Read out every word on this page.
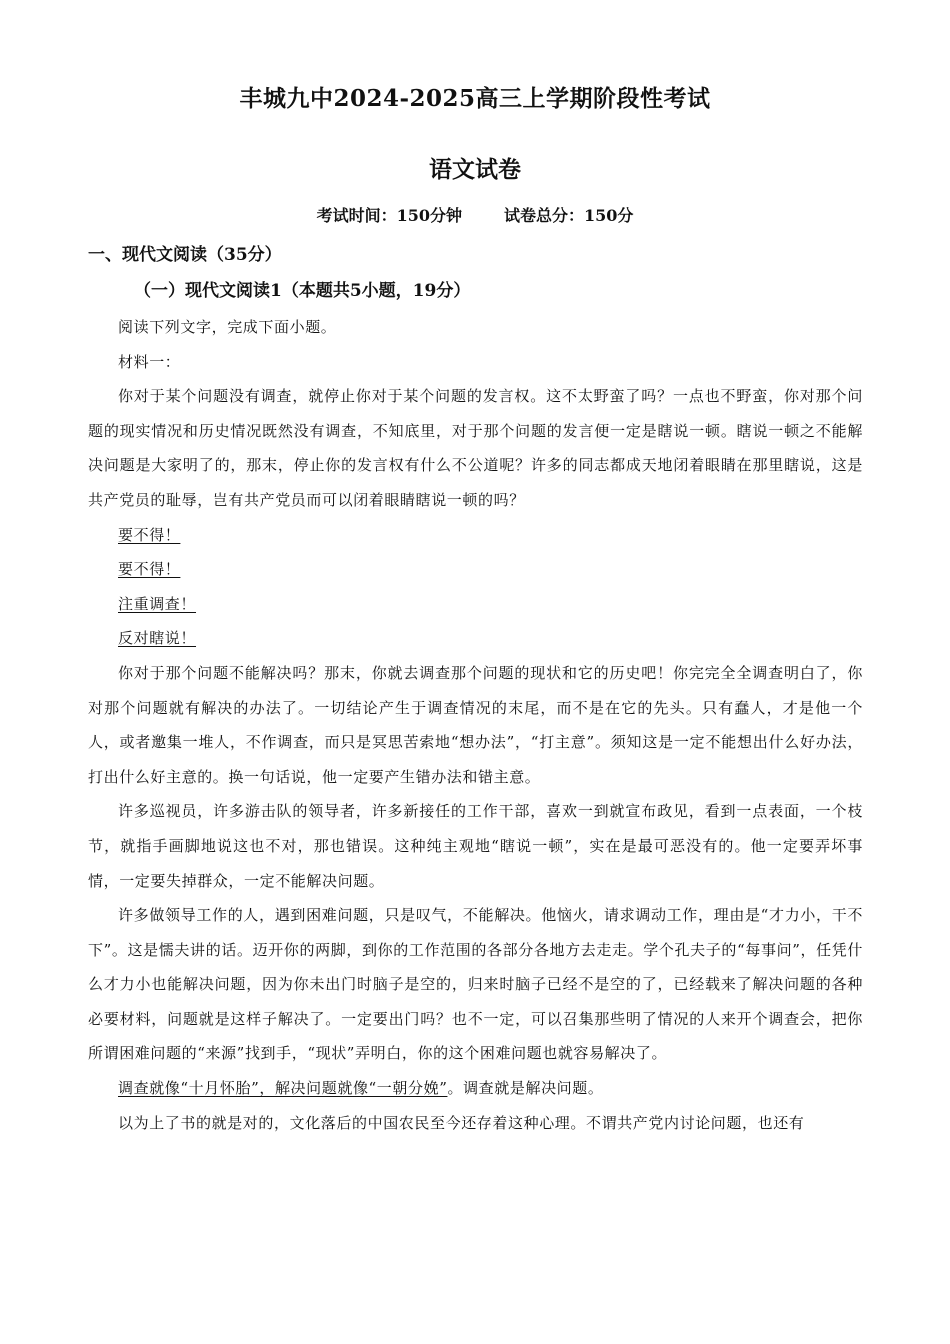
丰城九中2024-2025高三上学期阶段性考试
语文试卷
考试时间：150分钟	试卷总分：150分
一、现代文阅读（35分）
（一）现代文阅读1（本题共5小题，19分）

阅读下列文字，完成下面小题。

材料一：

你对于某个问题没有调查，就停止你对于某个问题的发言权。这不太野蛮了吗？一点也不野蛮，你对那个问题的现实情况和历史情况既然没有调查，不知底里，对于那个问题的发言便一定是瞎说一顿。瞎说一顿之不能解决问题是大家明了的，那末，停止你的发言权有什么不公道呢？许多的同志都成天地闭着眼睛在那里瞎说，这是共产党员的耻辱，岂有共产党员而可以闭着眼睛瞎说一顿的吗？

要不得！

要不得！

注重调查！

反对瞎说！

你对于那个问题不能解决吗？那末，你就去调查那个问题的现状和它的历史吧！你完完全全调查明白了，你对那个问题就有解决的办法了。一切结论产生于调查情况的末尾，而不是在它的先头。只有蠢人，才是他一个人，或者邀集一堆人，不作调查，而只是冥思苦索地“想办法”，“打主意”。须知这是一定不能想出什么好办法，打出什么好主意的。换一句话说，他一定要产生错办法和错主意。

许多巡视员，许多游击队的领导者，许多新接任的工作干部，喜欢一到就宣布政见，看到一点表面，一个枝节，就指手画脚地说这也不对，那也错误。这种纯主观地“瞎说一顿”，实在是最可恶没有的。他一定要弄坏事情，一定要失掉群众，一定不能解决问题。

许多做领导工作的人，遇到困难问题，只是叹气，不能解决。他恼火，请求调动工作，理由是“才力小，干不下”。这是懦夫讲的话。迈开你的两脚，到你的工作范围的各部分各地方去走走。学个孔夫子的“每事问”，任凭什么才力小也能解决问题，因为你未出门时脑子是空的，归来时脑子已经不是空的了，已经载来了解决问题的各种必要材料，问题就是这样子解决了。一定要出门吗？也不一定，可以召集那些明了情况的人来开个调查会，把你所谓困难问题的“来源”找到手，“现状”弄明白，你的这个困难问题也就容易解决了。

调查就像“十月怀胎”，解决问题就像“一朝分娩”。调查就是解决问题。

以为上了书的就是对的，文化落后的中国农民至今还存着这种心理。不谓共产党内讨论问题，也还有
